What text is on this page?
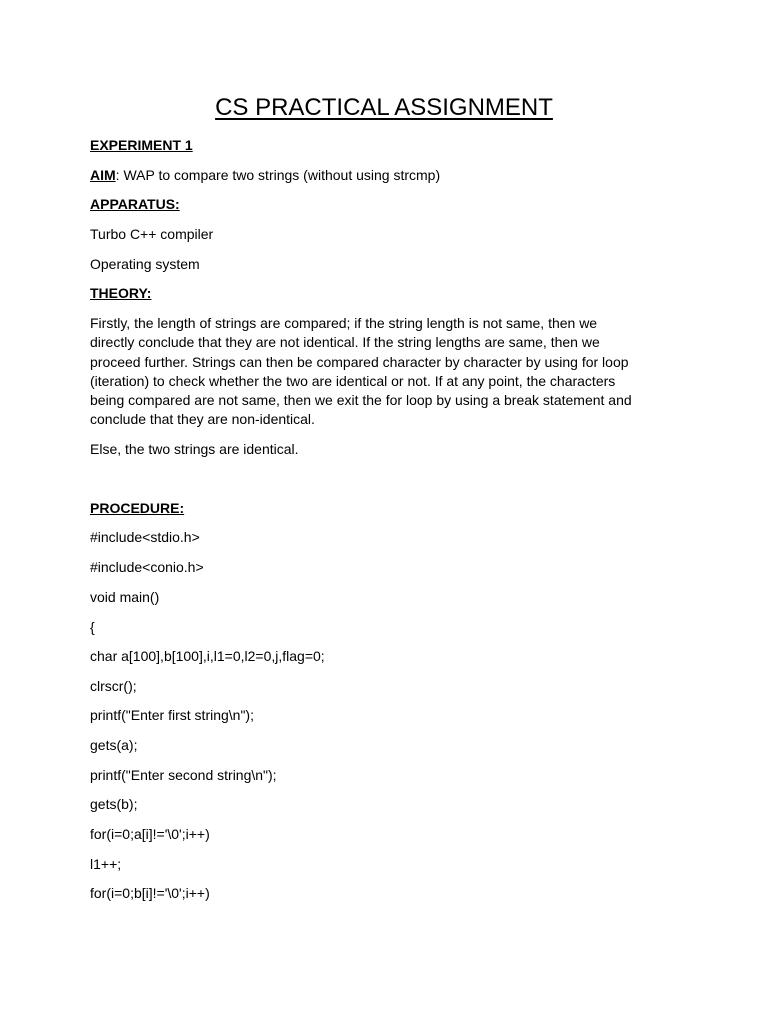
CS PRACTICAL ASSIGNMENT
EXPERIMENT 1
AIM: WAP to compare two strings (without using strcmp)
APPARATUS:
Turbo C++ compiler
Operating system
THEORY:
Firstly, the length of strings are compared; if the string length is not same, then we
directly conclude that they are not identical. If the string lengths are same, then we
proceed further. Strings can then be compared character by character by using for loop
(iteration) to check whether the two are identical or not. If at any point, the characters
being compared are not same, then we exit the for loop by using a break statement and
conclude that they are non-identical.
Else, the two strings are identical.
PROCEDURE:
#include<stdio.h>
#include<conio.h>
void main()
{
char a[100],b[100],i,l1=0,l2=0,j,flag=0;
clrscr();
printf("Enter first string\n");
gets(a);
printf("Enter second string\n");
gets(b);
for(i=0;a[i]!='\0';i++)
l1++;
for(i=0;b[i]!='\0';i++)
